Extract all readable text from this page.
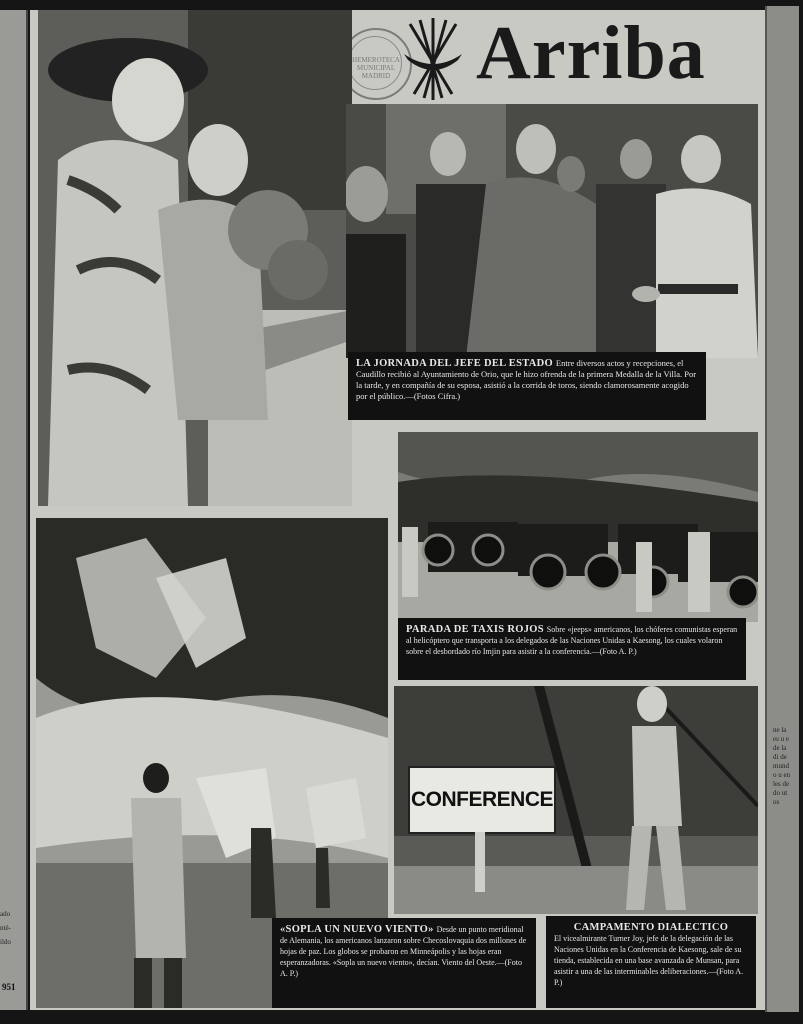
ado
nté-
ildo
951
ne la es u e de la di de mundo u en les de do ut os
HEMEROTECA MUNICIPAL MADRID Arriba
LA JORNADA DEL JEFE DEL ESTADO Entre diversos actos y recepciones, el Caudillo recibió al Ayuntamiento de Orio, que le hizo ofrenda de la primera Medalla de la Villa. Por la tarde, y en compañía de su esposa, asistió a la corrida de toros, siendo clamorosamente acogido por el público.—(Fotos Cifra.)
PARADA DE TAXIS ROJOS Sobre «jeeps» americanos, los chóferes comunistas esperan al helicóptero que transporta a los delegados de las Naciones Unidas a Kaesong, los cuales volaron sobre el desbordado río Imjin para asistir a la conferencia.—(Foto A. P.)
«SOPLA UN NUEVO VIENTO» Desde un punto meridional de Alemania, los americanos lanzaron sobre Checoslovaquia dos millones de hojas de paz. Los globos se probaron en Minneápolis y las hojas eran esperanzadoras. «Sopla un nuevo viento», decían. Viento del Oeste.—(Foto A. P.)
CONFERENCE
CAMPAMENTO DIALECTICO
El vicealmirante Turner Joy, jefe de la delegación de las Naciones Unidas en la Conferencia de Kaesong, sale de su tienda, establecida en una base avanzada de Munsan, para asistir a una de las interminables deliberaciones.—(Foto A. P.)
